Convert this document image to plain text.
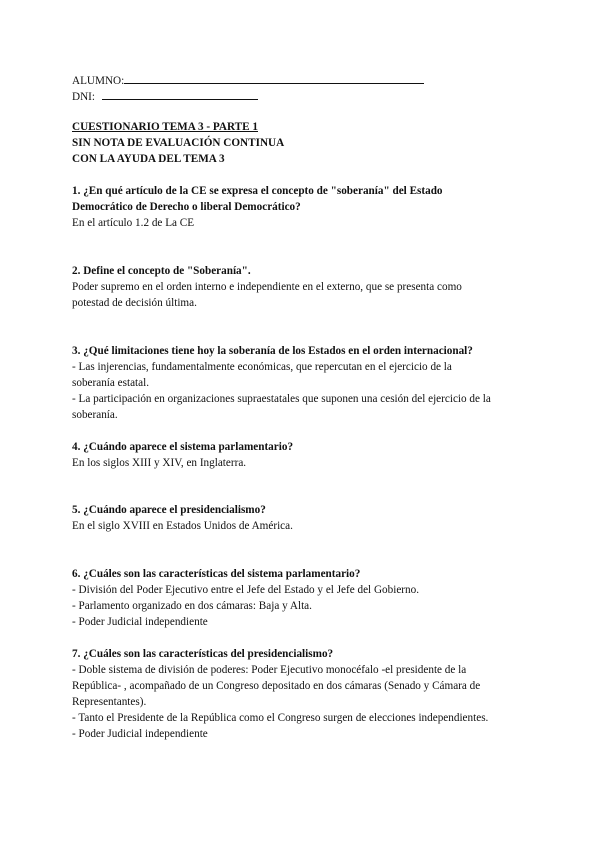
ALUMNO:
DNI:
CUESTIONARIO TEMA 3 - PARTE 1
SIN NOTA DE EVALUACIÓN CONTINUA
CON LA AYUDA DEL TEMA 3
1. ¿En qué artículo de la CE se expresa el concepto de "soberanía" del Estado
Democrático de Derecho o liberal Democrático?
En el artículo 1.2 de La CE
2. Define el concepto de "Soberanía".
Poder supremo en el orden interno e independiente en el externo, que se presenta como
potestad de decisión última.
3. ¿Qué limitaciones tiene hoy la soberanía de los Estados en el orden internacional?
- Las injerencias, fundamentalmente económicas, que repercutan en el ejercicio de la
soberanía estatal.
- La participación en organizaciones supraestatales que suponen una cesión del ejercicio de la
soberanía.
4. ¿Cuándo aparece el sistema parlamentario?
En los siglos XIII y XIV, en Inglaterra.
5. ¿Cuándo aparece el presidencialismo?
En el siglo XVIII en Estados Unidos de América.
6. ¿Cuáles son las características del sistema parlamentario?
- División del Poder Ejecutivo entre el Jefe del Estado y el Jefe del Gobierno.
- Parlamento organizado en dos cámaras: Baja y Alta.
- Poder Judicial independiente
7. ¿Cuáles son las características del presidencialismo?
- Doble sistema de división de poderes: Poder Ejecutivo monocéfalo -el presidente de la
República- , acompañado de un Congreso depositado en dos cámaras (Senado y Cámara de
Representantes).
- Tanto el Presidente de la República como el Congreso surgen de elecciones independientes.
- Poder Judicial independiente
